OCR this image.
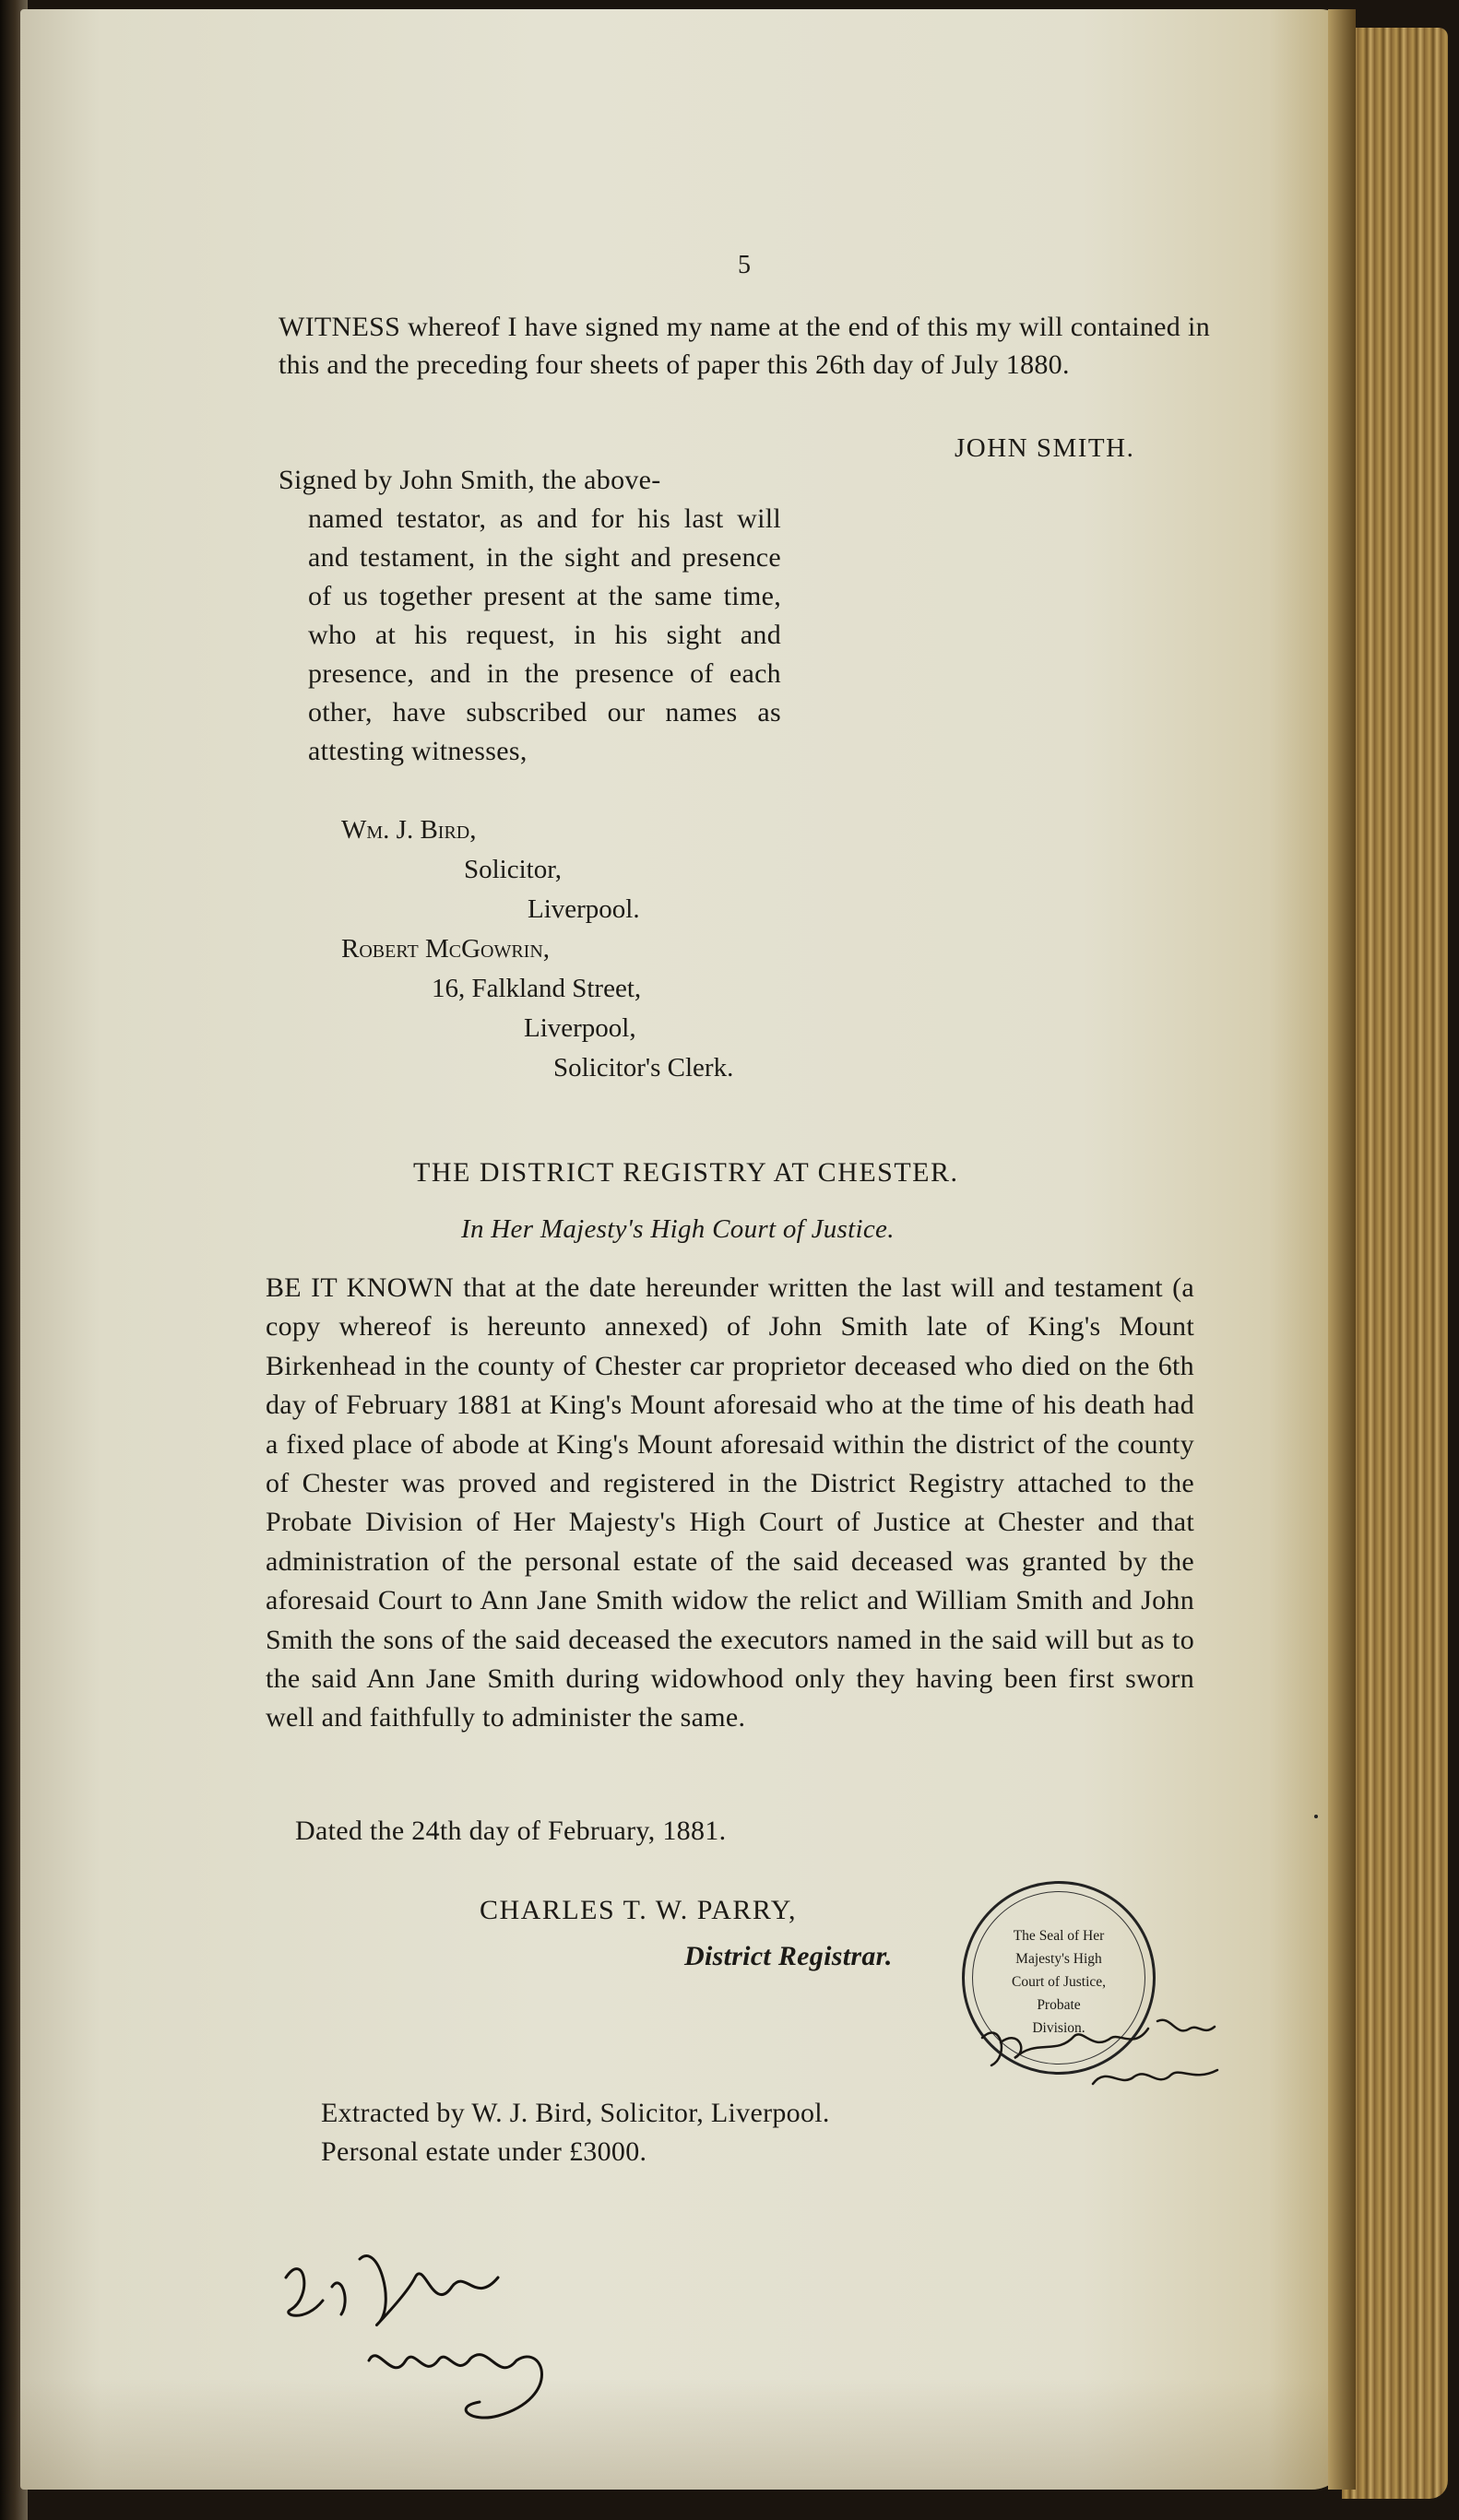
5
WITNESS whereof I have signed my name at the end of this my will contained in this and the preceding four sheets of paper this 26th day of July 1880.
JOHN SMITH.
Signed by John Smith, the above-
named testator, as and for his last will and testament, in the sight and presence of us together present at the same time, who at his request, in his sight and presence, and in the presence of each other, have subscribed our names as attesting witnesses,
Wm. J. Bird,
Solicitor,
Liverpool.
Robert McGowrin,
16, Falkland Street,
Liverpool,
Solicitor's Clerk.
THE DISTRICT REGISTRY AT CHESTER.
In Her Majesty's High Court of Justice.
BE IT KNOWN that at the date hereunder written the last will and testament (a copy whereof is hereunto annexed) of John Smith late of King's Mount Birkenhead in the county of Chester car proprietor deceased who died on the 6th day of February 1881 at King's Mount aforesaid who at the time of his death had a fixed place of abode at King's Mount aforesaid within the district of the county of Chester was proved and registered in the District Registry attached to the Probate Division of Her Majesty's High Court of Justice at Chester and that administration of the personal estate of the said deceased was granted by the aforesaid Court to Ann Jane Smith widow the relict and William Smith and John Smith the sons of the said deceased the executors named in the said will but as to the said Ann Jane Smith during widowhood only they having been first sworn well and faithfully to administer the same.
Dated the 24th day of February, 1881.
CHARLES T. W. PARRY,
District Registrar.
The Seal of Her
Majesty's High
Court of Justice,
Probate
Division.
Extracted by W. J. Bird, Solicitor, Liverpool.
Personal estate under £3000.
